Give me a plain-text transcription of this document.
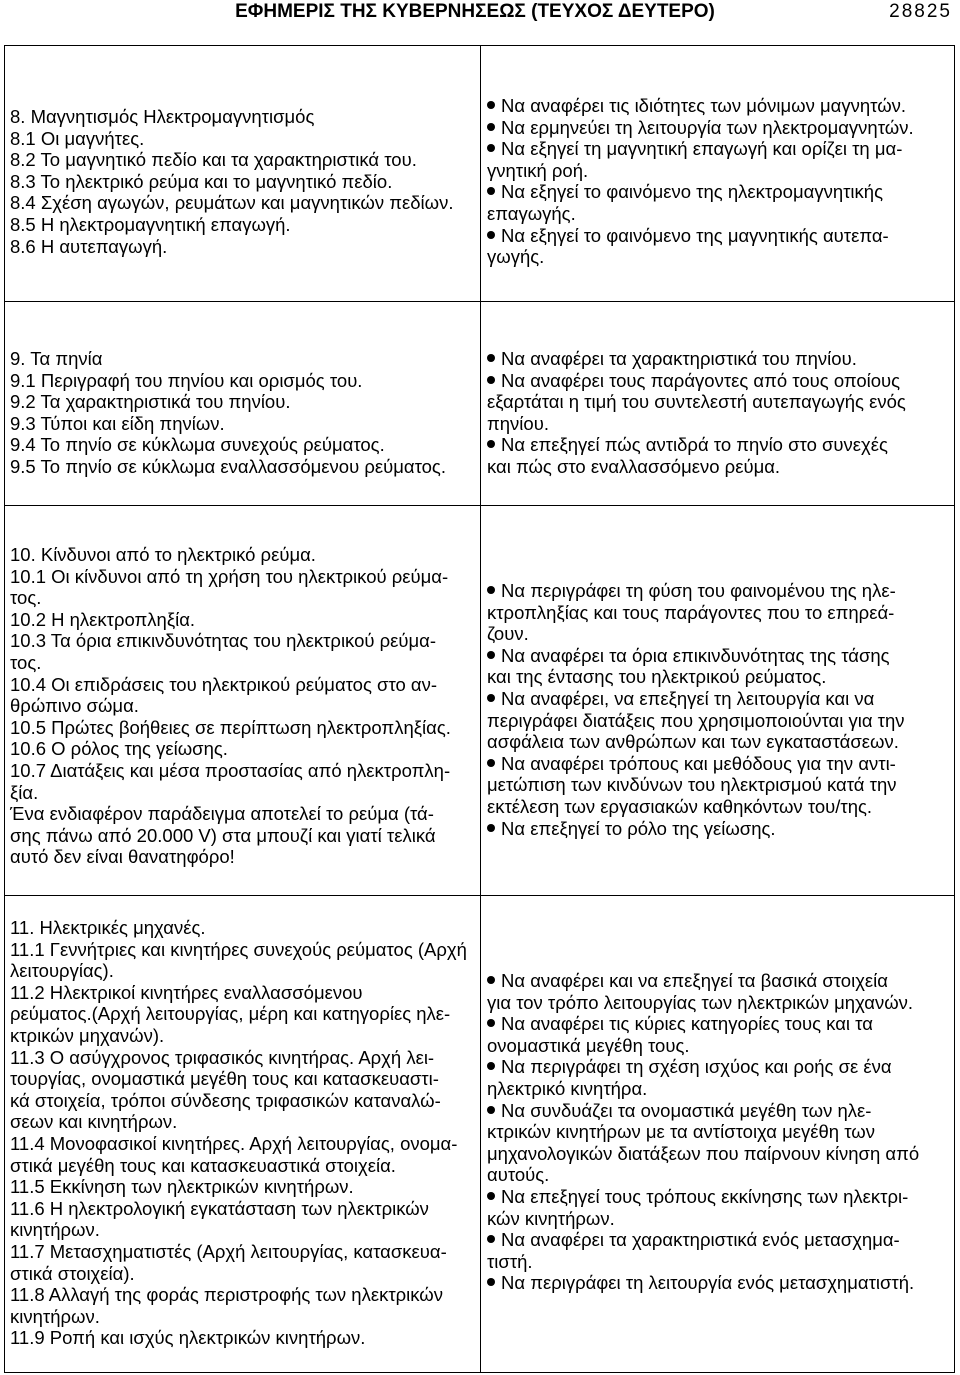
ΕΦΗΜΕΡΙΣ ΤΗΣ ΚΥΒΕΡΝΗΣΕΩΣ (ΤΕΥΧΟΣ ΔΕΥΤΕΡΟ)	28825
8. Μαγνητισμός Ηλεκτρομαγνητισμός
8.1 Οι μαγνήτες.
8.2 Το μαγνητικό πεδίο και τα χαρακτηριστικά του.
8.3 Το ηλεκτρικό ρεύμα και το μαγνητικό πεδίο.
8.4 Σχέση αγωγών, ρευμάτων και μαγνητικών πεδίων.
8.5 Η ηλεκτρομαγνητική επαγωγή.
8.6 Η αυτεπαγωγή.
Να αναφέρει τις ιδιότητες των μόνιμων μαγνητών.
Να ερμηνεύει τη λειτουργία των ηλεκτρομαγνητών.
Να εξηγεί τη μαγνητική επαγωγή και ορίζει τη μα-
γνητική ροή.
Να εξηγεί το φαινόμενο της ηλεκτρομαγνητικής
επαγωγής.
Να εξηγεί το φαινόμενο της μαγνητικής αυτεπα-
γωγής.
9. Τα πηνία
9.1 Περιγραφή του πηνίου και ορισμός του.
9.2 Τα χαρακτηριστικά του πηνίου.
9.3 Τύποι και είδη πηνίων.
9.4 Το πηνίο σε κύκλωμα συνεχούς ρεύματος.
9.5 Το πηνίο σε κύκλωμα εναλλασσόμενου ρεύματος.
Να αναφέρει τα χαρακτηριστικά του πηνίου.
Να αναφέρει τους παράγοντες από τους οποίους
εξαρτάται η τιμή του συντελεστή αυτεπαγωγής ενός
πηνίου.
Να επεξηγεί πώς αντιδρά το πηνίο στο συνεχές
και πώς στο εναλλασσόμενο ρεύμα.
10. Κίνδυνοι από το ηλεκτρικό ρεύμα.
10.1 Οι κίνδυνοι από τη χρήση του ηλεκτρικού ρεύμα-
τος.
10.2 Η ηλεκτροπληξία.
10.3 Τα όρια επικινδυνότητας του ηλεκτρικού ρεύμα-
τος.
10.4 Οι επιδράσεις του ηλεκτρικού ρεύματος στο αν-
θρώπινο σώμα.
10.5 Πρώτες βοήθειες σε περίπτωση ηλεκτροπληξίας.
10.6 Ο ρόλος της γείωσης.
10.7 Διατάξεις και μέσα προστασίας από ηλεκτροπλη-
ξία.
Ένα ενδιαφέρον παράδειγμα αποτελεί το ρεύμα (τά-
σης πάνω από 20.000 V) στα μπουζί και γιατί τελικά
αυτό δεν είναι θανατηφόρο!
Να περιγράφει τη φύση του φαινομένου της ηλε-
κτροπληξίας και τους παράγοντες που το επηρεά-
ζουν.
Να αναφέρει τα όρια επικινδυνότητας της τάσης
και της έντασης του ηλεκτρικού ρεύματος.
Να αναφέρει, να επεξηγεί τη λειτουργία και να
περιγράφει διατάξεις που χρησιμοποιούνται για την
ασφάλεια των ανθρώπων και των εγκαταστάσεων.
Να αναφέρει τρόπους και μεθόδους για την αντι-
μετώπιση των κινδύνων του ηλεκτρισμού κατά την
εκτέλεση των εργασιακών καθηκόντων του/της.
Να επεξηγεί το ρόλο της γείωσης.
11. Ηλεκτρικές μηχανές.
11.1 Γεννήτριες και κινητήρες συνεχούς ρεύματος (Αρχή
λειτουργίας).
11.2 Ηλεκτρικοί κινητήρες εναλλασσόμενου
ρεύματος.(Αρχή λειτουργίας, μέρη και κατηγορίες ηλε-
κτρικών μηχανών).
11.3 Ο ασύγχρονος τριφασικός κινητήρας. Αρχή λει-
τουργίας, ονομαστικά μεγέθη τους και κατασκευαστι-
κά στοιχεία, τρόποι σύνδεσης τριφασικών καταναλώ-
σεων και κινητήρων.
11.4 Μονοφασικοί κινητήρες. Αρχή λειτουργίας, ονομα-
στικά μεγέθη τους και κατασκευαστικά στοιχεία.
11.5 Εκκίνηση των ηλεκτρικών κινητήρων.
11.6 Η ηλεκτρολογική εγκατάσταση των ηλεκτρικών
κινητήρων.
11.7 Μετασχηματιστές (Αρχή λειτουργίας, κατασκευα-
στικά στοιχεία).
11.8 Αλλαγή της φοράς περιστροφής των ηλεκτρικών
κινητήρων.
11.9 Ροπή και ισχύς ηλεκτρικών κινητήρων.
Να αναφέρει και να επεξηγεί τα βασικά στοιχεία
για τον τρόπο λειτουργίας των ηλεκτρικών μηχανών.
Να αναφέρει τις κύριες κατηγορίες τους και τα
ονομαστικά μεγέθη τους.
Να περιγράφει τη σχέση ισχύος και ροής σε ένα
ηλεκτρικό κινητήρα.
Να συνδυάζει τα ονομαστικά μεγέθη των ηλε-
κτρικών κινητήρων με τα αντίστοιχα μεγέθη των
μηχανολογικών διατάξεων που παίρνουν κίνηση από
αυτούς.
Να επεξηγεί τους τρόπους εκκίνησης των ηλεκτρι-
κών κινητήρων.
Να αναφέρει τα χαρακτηριστικά ενός μετασχημα-
τιστή.
Να περιγράφει τη λειτουργία ενός μετασχηματιστή.
